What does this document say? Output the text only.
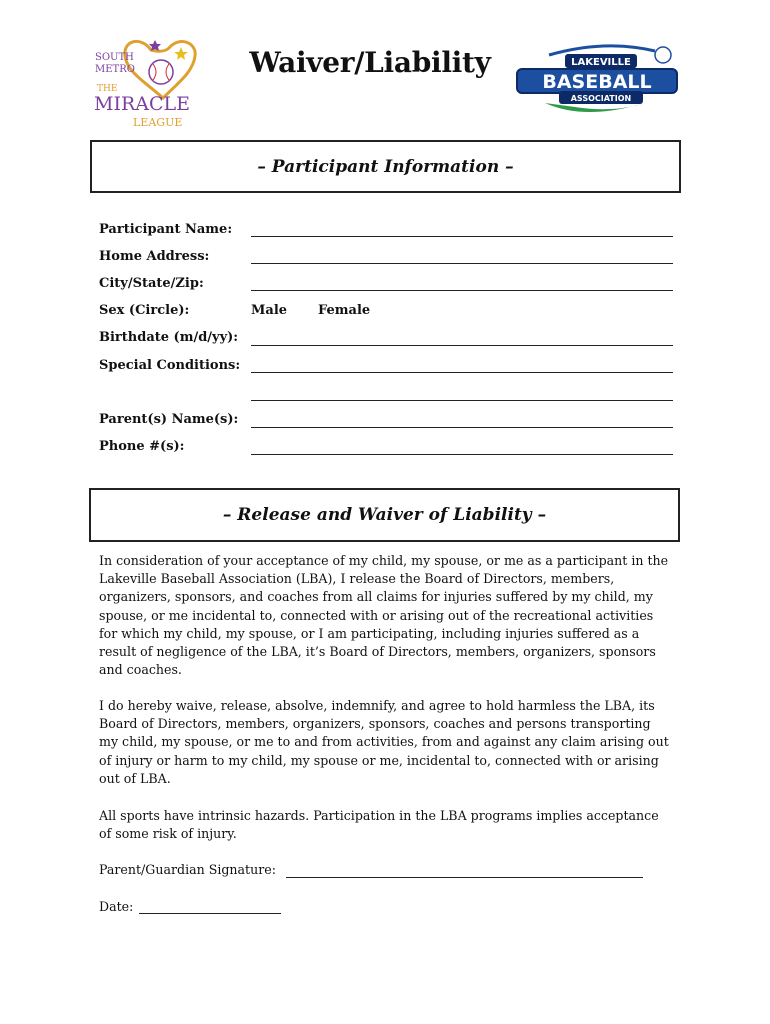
SOUTH
METRO
THE
MIRACLE
LEAGUE
Waiver/Liability	LAKEVILLE
BASEBALL
ASSOCIATION
– Participant Information –
Participant Name:
Home Address:
City/State/Zip:
Sex (Circle):	Male Female
Birthdate (m/d/yy):
Special Conditions:
Parent(s) Name(s):
Phone #(s):
– Release and Waiver of Liability –
In consideration of your acceptance of my child, my spouse, or me as a participant in the
Lakeville Baseball Association (LBA), I release the Board of Directors, members,
organizers, sponsors, and coaches from all claims for injuries suffered by my child, my
spouse, or me incidental to, connected with or arising out of the recreational activities
for which my child, my spouse, or I am participating, including injuries suffered as a
result of negligence of the LBA, it’s Board of Directors, members, organizers, sponsors
and coaches.
I do hereby waive, release, absolve, indemnify, and agree to hold harmless the LBA, its
Board of Directors, members, organizers, sponsors, coaches and persons transporting
my child, my spouse, or me to and from activities, from and against any claim arising out
of injury or harm to my child, my spouse or me, incidental to, connected with or arising
out of LBA.
All sports have intrinsic hazards. Participation in the LBA programs implies acceptance
of some risk of injury.
Parent/Guardian Signature:
Date:
